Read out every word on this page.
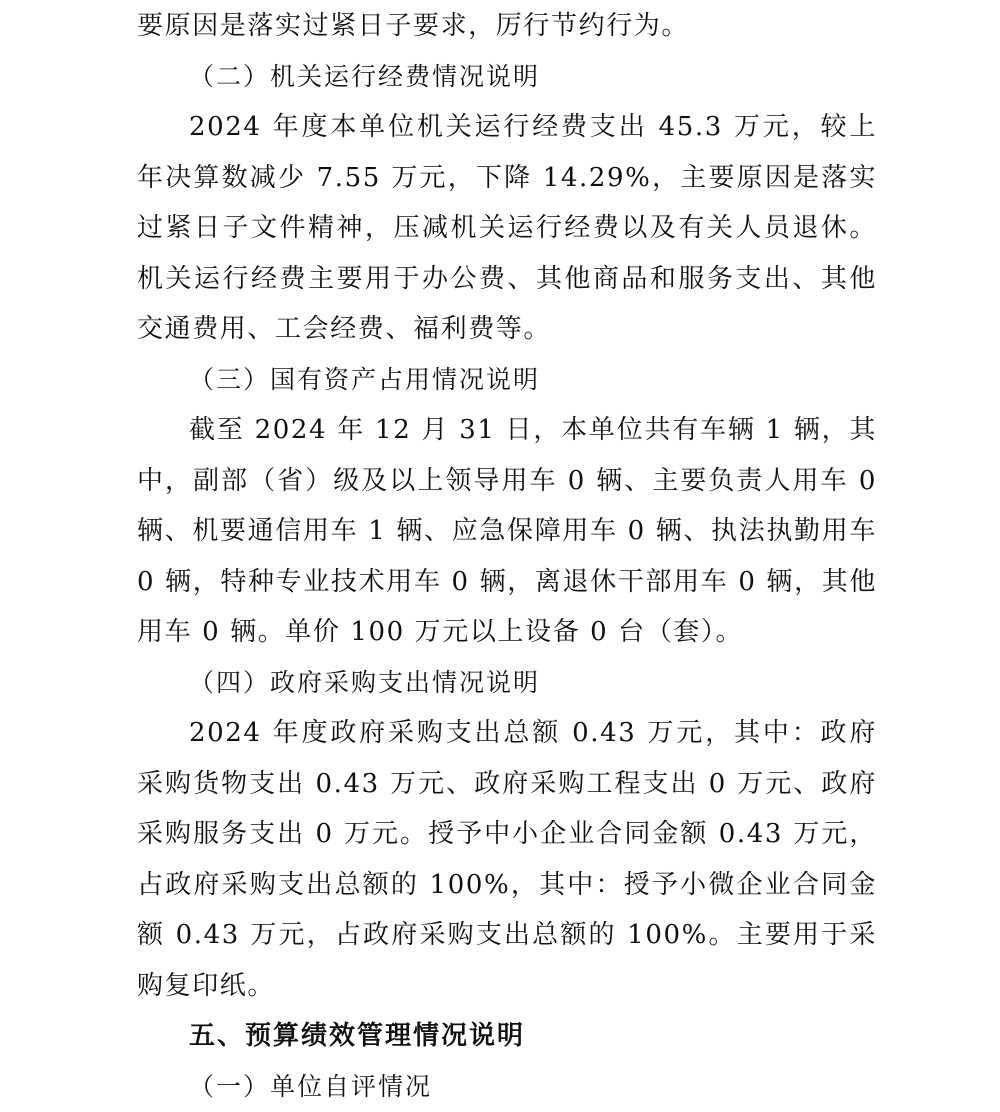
要原因是落实过紧日子要求，厉行节约行为。

（二）机关运行经费情况说明

2024 年度本单位机关运行经费支出 45.3 万元，较上年决算数减少 7.55 万元，下降 14.29%，主要原因是落实过紧日子文件精神，压减机关运行经费以及有关人员退休。机关运行经费主要用于办公费、其他商品和服务支出、其他交通费用、工会经费、福利费等。

（三）国有资产占用情况说明

截至 2024 年 12 月 31 日，本单位共有车辆 1 辆，其中，副部（省）级及以上领导用车 0 辆、主要负责人用车 0 辆、机要通信用车 1 辆、应急保障用车 0 辆、执法执勤用车 0 辆，特种专业技术用车 0 辆，离退休干部用车 0 辆，其他用车 0 辆。单价 100 万元以上设备 0 台（套）。

（四）政府采购支出情况说明

2024 年度政府采购支出总额 0.43 万元，其中：政府采购货物支出 0.43 万元、政府采购工程支出 0 万元、政府采购服务支出 0 万元。授予中小企业合同金额 0.43 万元，占政府采购支出总额的 100%，其中：授予小微企业合同金额 0.43 万元，占政府采购支出总额的 100%。主要用于采购复印纸。

五、预算绩效管理情况说明

（一）单位自评情况
